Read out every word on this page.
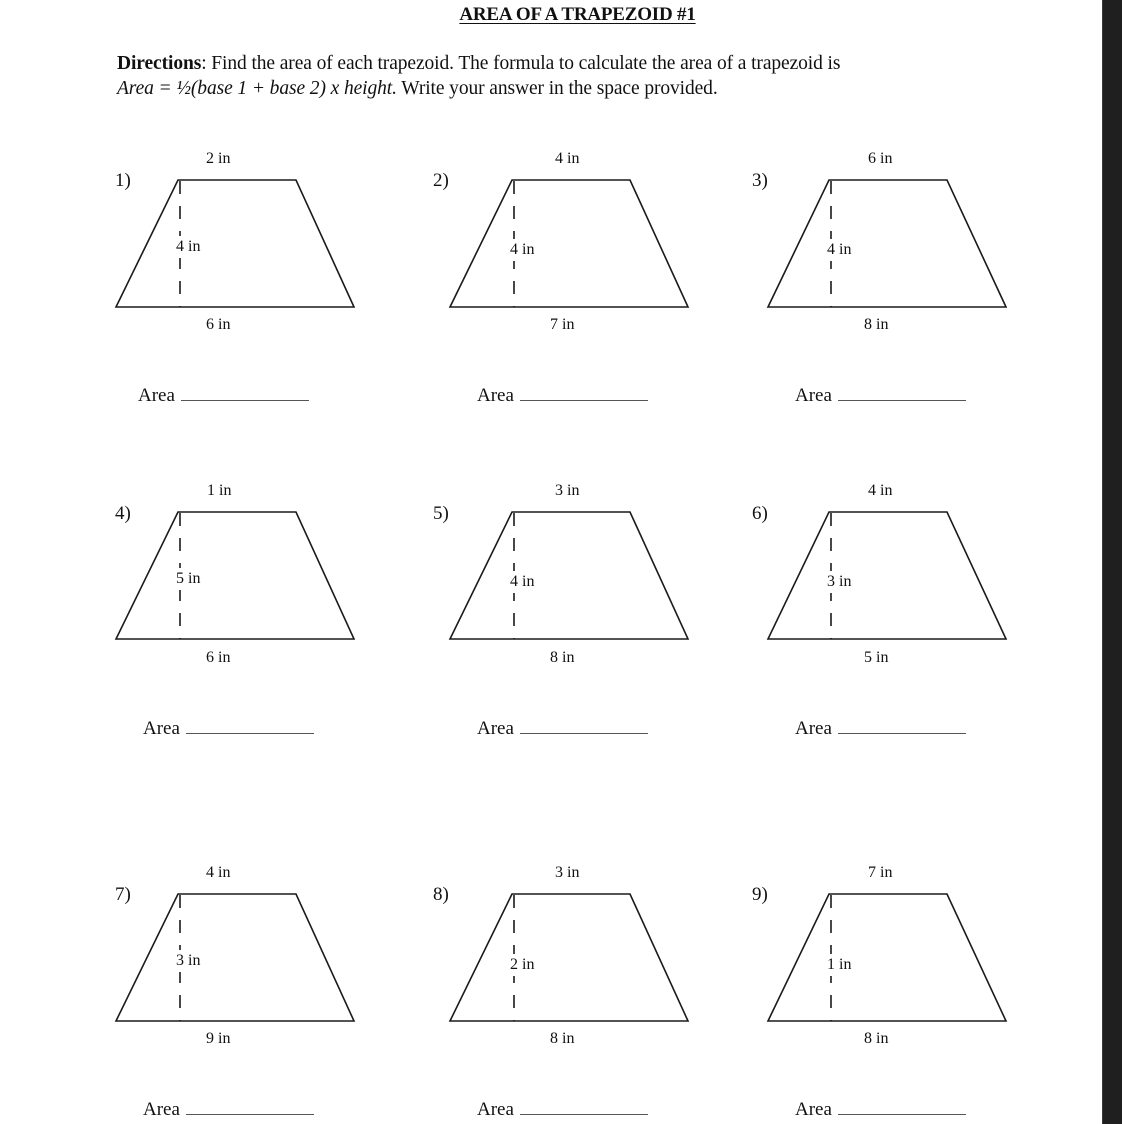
AREA OF A TRAPEZOID #1
Directions: Find the area of each trapezoid. The formula to calculate the area of a trapezoid is
Area = ½(base 1 + base 2) x height. Write your answer in the space provided.
1)
2 in
4 in
6 in
Area
2)
4 in
4 in
7 in
Area
3)
6 in
4 in
8 in
Area
4)
1 in
5 in
6 in
Area
5)
3 in
4 in
8 in
Area
6)
4 in
3 in
5 in
Area
7)
4 in
3 in
9 in
Area
8)
3 in
2 in
8 in
Area
9)
7 in
1 in
8 in
Area
